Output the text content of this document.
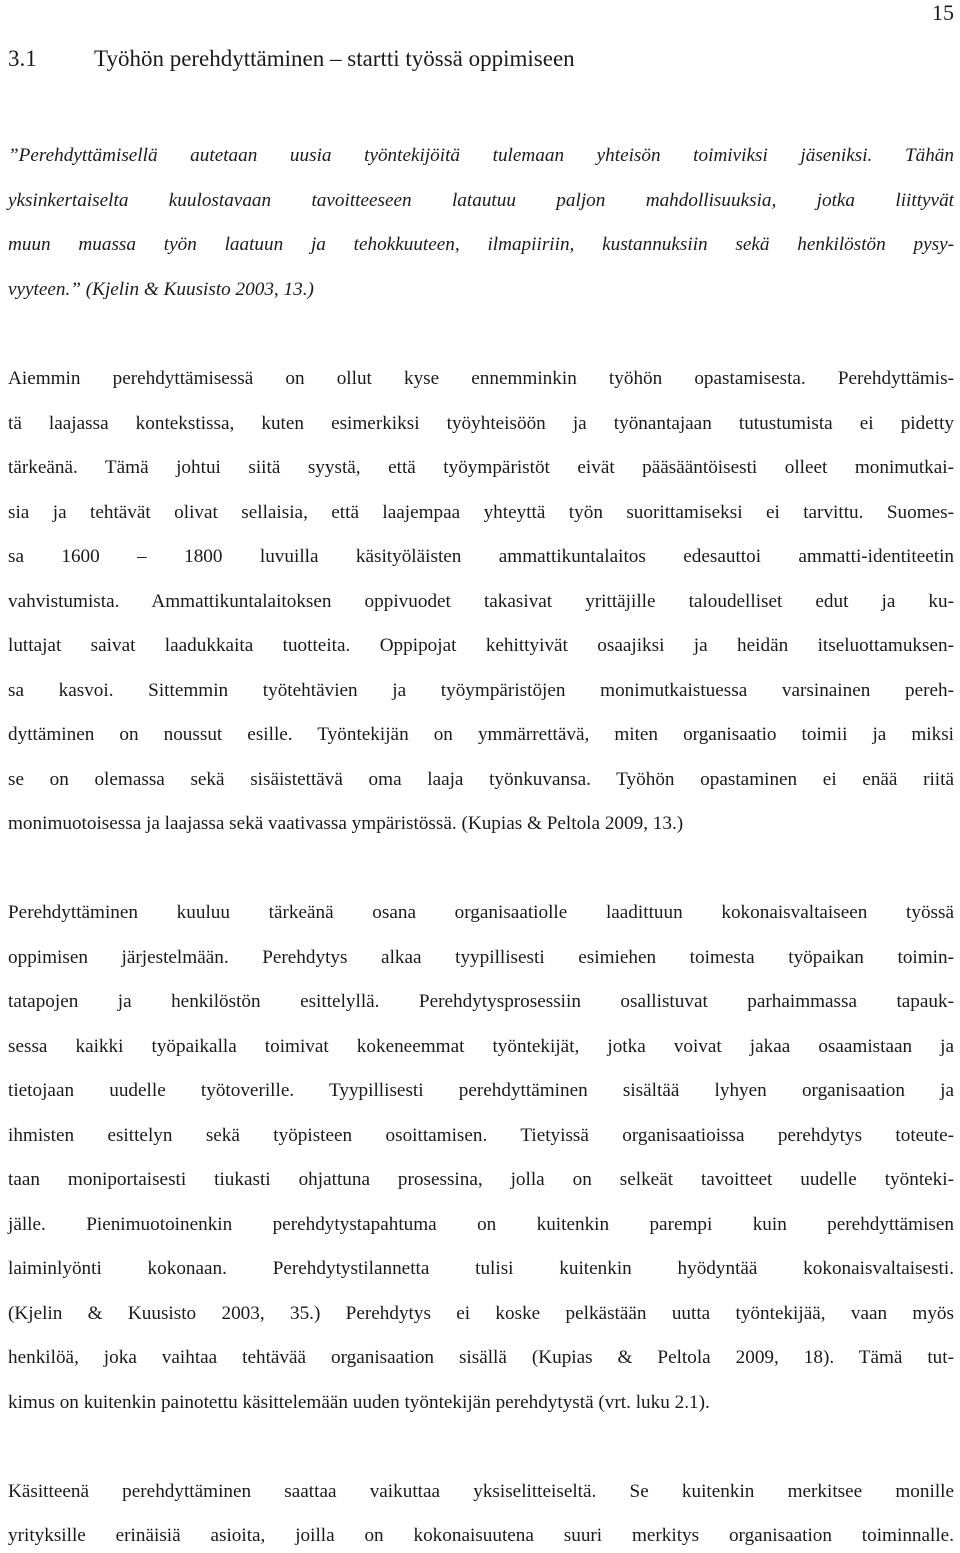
15
3.1 Työhön perehdyttäminen – startti työssä oppimiseen
”Perehdyttämisellä autetaan uusia työntekijöitä tulemaan yhteisön toimiviksi jäseniksi. Tähän
yksinkertaiselta kuulostavaan tavoitteeseen latautuu paljon mahdollisuuksia, jotka liittyvät
muun muassa työn laatuun ja tehokkuuteen, ilmapiiriin, kustannuksiin sekä henkilöstön pysy-
vyyteen.” (Kjelin & Kuusisto 2003, 13.)
Aiemmin perehdyttämisessä on ollut kyse ennemminkin työhön opastamisesta. Perehdyttämis-
tä laajassa kontekstissa, kuten esimerkiksi työyhteisöön ja työnantajaan tutustumista ei pidetty
tärkeänä. Tämä johtui siitä syystä, että työympäristöt eivät pääsääntöisesti olleet monimutkai-
sia ja tehtävät olivat sellaisia, että laajempaa yhteyttä työn suorittamiseksi ei tarvittu. Suomes-
sa 1600 – 1800 luvuilla käsityöläisten ammattikuntalaitos edesauttoi ammatti-identiteetin
vahvistumista. Ammattikuntalaitoksen oppivuodet takasivat yrittäjille taloudelliset edut ja ku-
luttajat saivat laadukkaita tuotteita. Oppipojat kehittyivät osaajiksi ja heidän itseluottamuksen-
sa kasvoi. Sittemmin työtehtävien ja työympäristöjen monimutkaistuessa varsinainen pereh-
dyttäminen on noussut esille. Työntekijän on ymmärrettävä, miten organisaatio toimii ja miksi
se on olemassa sekä sisäistettävä oma laaja työnkuvansa. Työhön opastaminen ei enää riitä
monimuotoisessa ja laajassa sekä vaativassa ympäristössä. (Kupias & Peltola 2009, 13.)
Perehdyttäminen kuuluu tärkeänä osana organisaatiolle laadittuun kokonaisvaltaiseen työssä
oppimisen järjestelmään. Perehdytys alkaa tyypillisesti esimiehen toimesta työpaikan toimin-
tatapojen ja henkilöstön esittelyllä. Perehdytysprosessiin osallistuvat parhaimmassa tapauk-
sessa kaikki työpaikalla toimivat kokeneemmat työntekijät, jotka voivat jakaa osaamistaan ja
tietojaan uudelle työtoverille. Tyypillisesti perehdyttäminen sisältää lyhyen organisaation ja
ihmisten esittelyn sekä työpisteen osoittamisen. Tietyissä organisaatioissa perehdytys toteute-
taan moniportaisesti tiukasti ohjattuna prosessina, jolla on selkeät tavoitteet uudelle työnteki-
jälle. Pienimuotoinenkin perehdytystapahtuma on kuitenkin parempi kuin perehdyttämisen
laiminlyönti kokonaan. Perehdytystilannetta tulisi kuitenkin hyödyntää kokonaisvaltaisesti.
(Kjelin & Kuusisto 2003, 35.) Perehdytys ei koske pelkästään uutta työntekijää, vaan myös
henkilöä, joka vaihtaa tehtävää organisaation sisällä (Kupias & Peltola 2009, 18). Tämä tut-
kimus on kuitenkin painotettu käsittelemään uuden työntekijän perehdytystä (vrt. luku 2.1).
Käsitteenä perehdyttäminen saattaa vaikuttaa yksiselitteiseltä. Se kuitenkin merkitsee monille
yrityksille erinäisiä asioita, joilla on kokonaisuutena suuri merkitys organisaation toiminnalle.
